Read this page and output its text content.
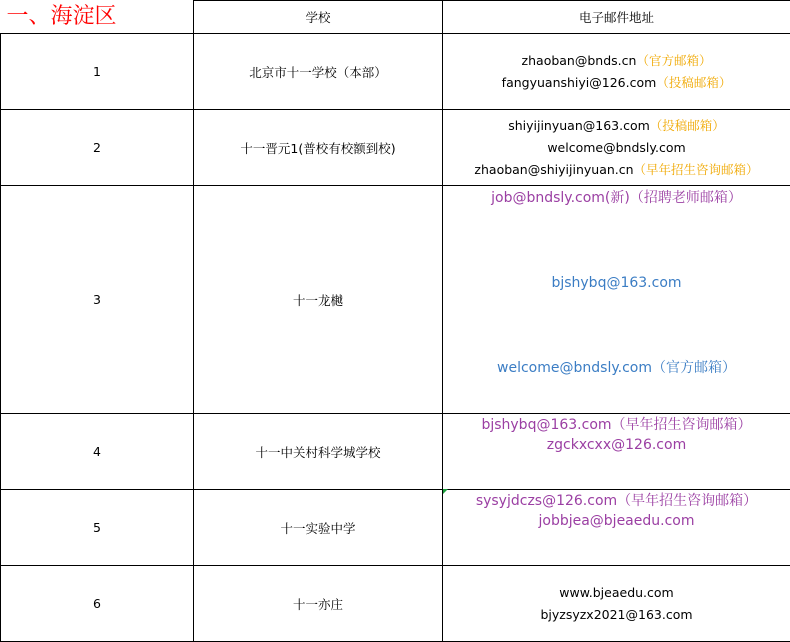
一、海淀区	学校	电子邮件地址
1	北京市十一学校（本部）	zhaoban@bnds.cn（官方邮箱）
fangyuanshiyi@126.com（投稿邮箱）

2	十一晋元1(普校有校额到校)	shiyijinyuan@163.com（投稿邮箱）
welcome@bndsly.com
zhaoban@shiyijinyuan.cn（早年招生咨询邮箱）

3	十一龙樾	job@bndsly.com(新)（招聘老师邮箱）
bjshybq@163.com
welcome@bndsly.com（官方邮箱）

4	十一中关村科学城学校	bjshybq@163.com（早年招生咨询邮箱）
zgckxcxx@126.com

5	十一实验中学	sysyjdczs@126.com（早年招生咨询邮箱）
jobbjea@bjeaedu.com

6	十一亦庄	www.bjeaedu.com
bjyzsyzx2021@163.com
